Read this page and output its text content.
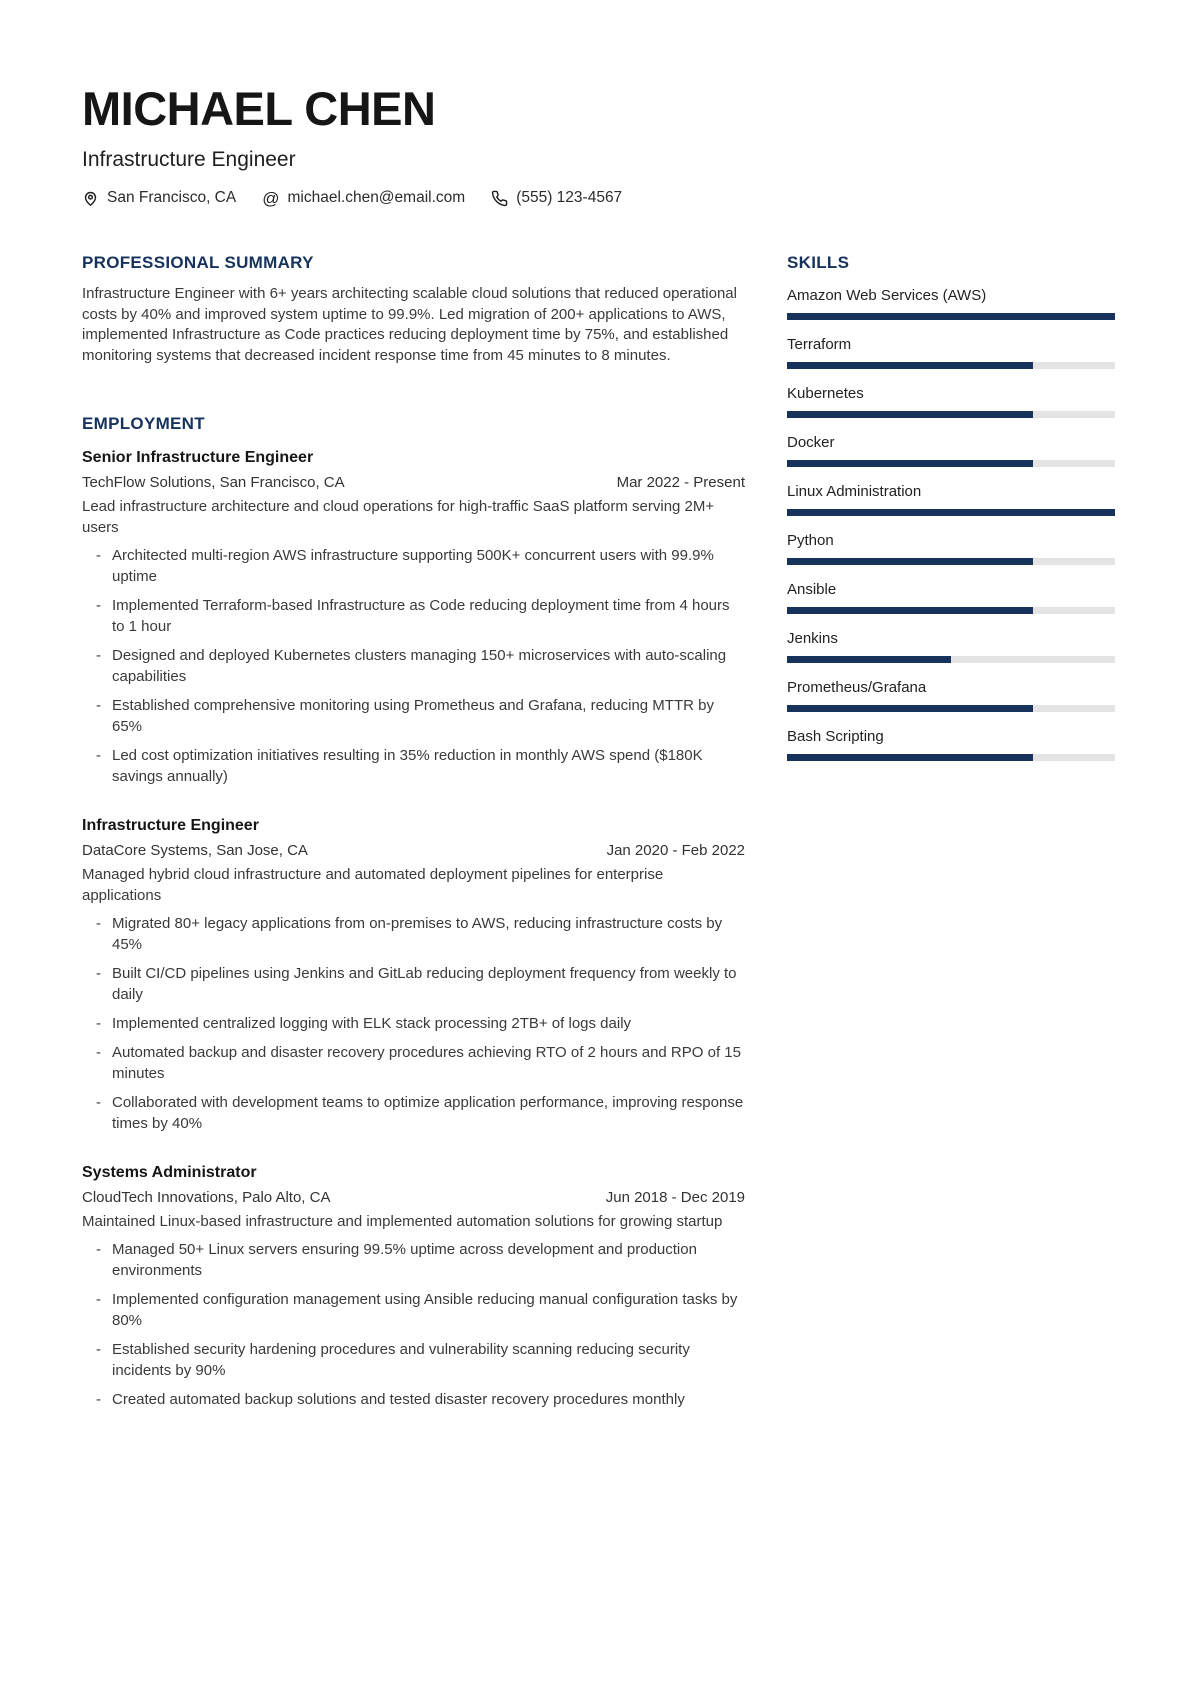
MICHAEL CHEN
Infrastructure Engineer
San Francisco, CA @ michael.chen@email.com	(555) 123-4567
PROFESSIONAL SUMMARY

Infrastructure Engineer with 6+ years architecting scalable cloud solutions that reduced operational costs by 40% and improved system uptime to 99.9%. Led migration of 200+ applications to AWS, implemented Infrastructure as Code practices reducing deployment time by 75%, and established monitoring systems that decreased incident response time from 45 minutes to 8 minutes.

EMPLOYMENT
Senior Infrastructure Engineer
TechFlow Solutions, San Francisco, CA	Mar 2022 - Present

Lead infrastructure architecture and cloud operations for high-traffic SaaS platform serving 2M+ users

- Architected multi-region AWS infrastructure supporting 500K+ concurrent users with 99.9% uptime
- Implemented Terraform-based Infrastructure as Code reducing deployment time from 4 hours to 1 hour
- Designed and deployed Kubernetes clusters managing 150+ microservices with auto-scaling capabilities
- Established comprehensive monitoring using Prometheus and Grafana, reducing MTTR by 65%
- Led cost optimization initiatives resulting in 35% reduction in monthly AWS spend ($180K savings annually)
Infrastructure Engineer
DataCore Systems, San Jose, CA	Jan 2020 - Feb 2022

Managed hybrid cloud infrastructure and automated deployment pipelines for enterprise applications

- Migrated 80+ legacy applications from on-premises to AWS, reducing infrastructure costs by 45%
- Built CI/CD pipelines using Jenkins and GitLab reducing deployment frequency from weekly to daily
- Implemented centralized logging with ELK stack processing 2TB+ of logs daily
- Automated backup and disaster recovery procedures achieving RTO of 2 hours and RPO of 15 minutes
- Collaborated with development teams to optimize application performance, improving response times by 40%
Systems Administrator
CloudTech Innovations, Palo Alto, CA	Jun 2018 - Dec 2019

Maintained Linux-based infrastructure and implemented automation solutions for growing startup

- Managed 50+ Linux servers ensuring 99.5% uptime across development and production environments
- Implemented configuration management using Ansible reducing manual configuration tasks by 80%
- Established security hardening procedures and vulnerability scanning reducing security incidents by 90%
- Created automated backup solutions and tested disaster recovery procedures monthly
SKILLS
Amazon Web Services (AWS)
Terraform
Kubernetes
Docker
Linux Administration
Python
Ansible
Jenkins
Prometheus/Grafana
Bash Scripting
